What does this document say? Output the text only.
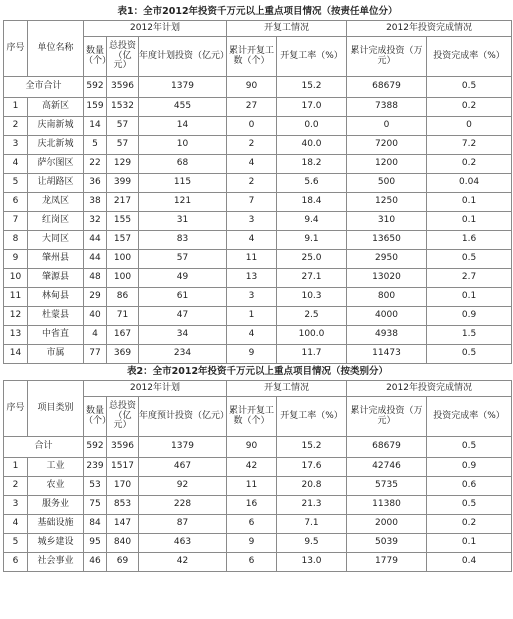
表1：全市2012年投资千万元以上重点项目情况（按责任单位分）								
序号	单位名称	2012年计划			开复工情况		2012年投资完成情况	
		数量（个）	总投资（亿元）	年度计划投资（亿元）	累计开复工数（个）	开复工率（%）	累计完成投资（万元）	投资完成率（%）
全市合计		592	3596	1379	90	15.2	68679	0.5
1	高新区	159	1532	455	27	17.0	7388	0.2
2	庆南新城	14	57	14	0	0.0	0	0
3	庆北新城	5	57	10	2	40.0	7200	7.2
4	萨尔图区	22	129	68	4	18.2	1200	0.2
5	让胡路区	36	399	115	2	5.6	500	0.04
6	龙凤区	38	217	121	7	18.4	1250	0.1
7	红岗区	32	155	31	3	9.4	310	0.1
8	大同区	44	157	83	4	9.1	13650	1.6
9	肇州县	44	100	57	11	25.0	2950	0.5
10	肇源县	48	100	49	13	27.1	13020	2.7
11	林甸县	29	86	61	3	10.3	800	0.1
12	杜蒙县	40	71	47	1	2.5	4000	0.9
13	中省直	4	167	34	4	100.0	4938	1.5
14	市属	77	369	234	9	11.7	11473	0.5
表2：全市2012年投资千万元以上重点项目情况（按类别分）								
序号	项目类别	2012年计划			开复工情况		2012年投资完成情况	
		数量（个）	总投资（亿元）	年度预计投资（亿元）	累计开复工数（个）	开复工率（%）	累计完成投资（万元）	投资完成率（%）
合计		592	3596	1379	90	15.2	68679	0.5
1	工业	239	1517	467	42	17.6	42746	0.9
2	农业	53	170	92	11	20.8	5735	0.6
3	服务业	75	853	228	16	21.3	11380	0.5
4	基础设施	84	147	87	6	7.1	2000	0.2
5	城乡建设	95	840	463	9	9.5	5039	0.1
6	社会事业	46	69	42	6	13.0	1779	0.4
